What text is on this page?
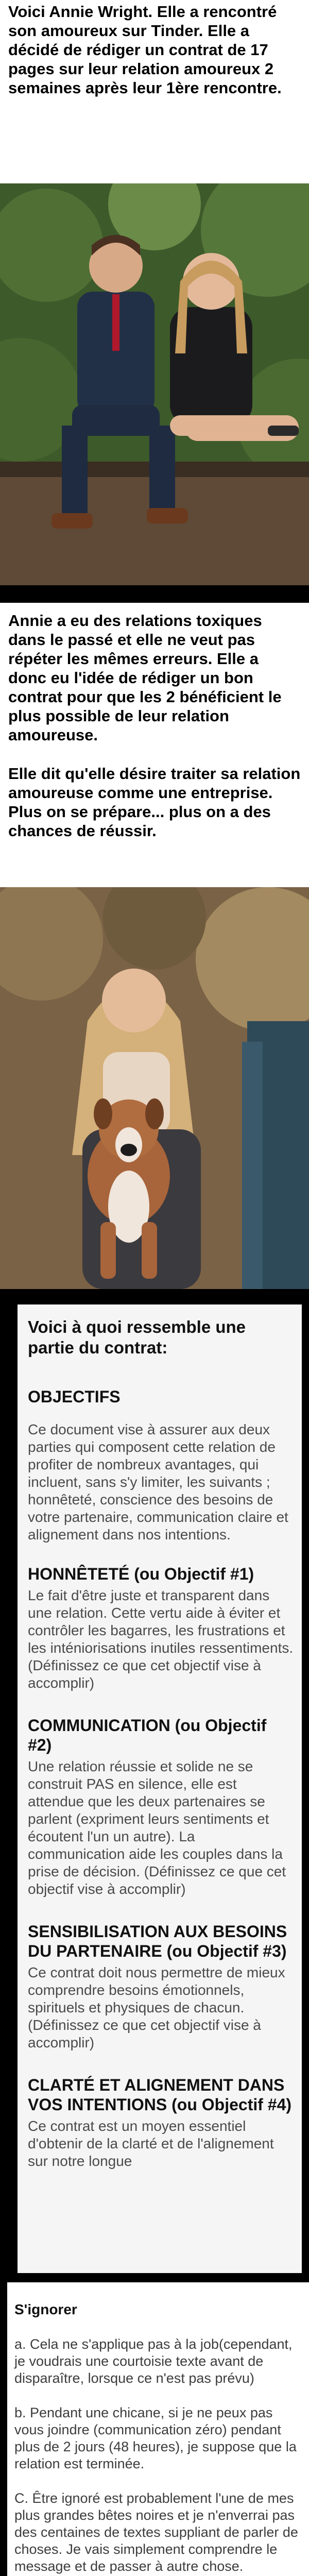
Voici Annie Wright. Elle a rencontré son amoureux sur Tinder. Elle a décidé de rédiger un contrat de 17 pages sur leur relation amoureux 2 semaines après leur 1ère rencontre.

Annie a eu des relations toxiques dans le passé et elle ne veut pas répéter les mêmes erreurs. Elle a donc eu l'idée de rédiger un bon contrat pour que les 2 bénéficient le plus possible de leur relation amoureuse.

Elle dit qu'elle désire traiter sa relation amoureuse comme une entreprise. Plus on se prépare... plus on a des chances de réussir.

Voici à quoi ressemble une partie du contrat:

OBJECTIFS

Ce document vise à assurer aux deux parties qui composent cette relation de profiter de nombreux avantages, qui incluent, sans s'y limiter, les suivants ; honnêteté, conscience des besoins de votre partenaire, communication claire et alignement dans nos intentions.

HONNÊTETÉ (ou Objectif #1)

Le fait d'être juste et transparent dans une relation. Cette vertu aide à éviter et contrôler les bagarres, les frustrations et les inténiorisations inutiles ressentiments. (Définissez ce que cet objectif vise à accomplir)

COMMUNICATION (ou Objectif #2)

Une relation réussie et solide ne se construit PAS en silence, elle est attendue que les deux partenaires se parlent (expriment leurs sentiments et écoutent l'un un autre). La communication aide les couples dans la prise de décision. (Définissez ce que cet objectif vise à accomplir)

SENSIBILISATION AUX BESOINS DU PARTENAIRE (ou Objectif #3)

Ce contrat doit nous permettre de mieux comprendre besoins émotionnels, spirituels et physiques de chacun. (Définissez ce que cet objectif vise à accomplir)

CLARTÉ ET ALIGNEMENT DANS VOS INTENTIONS (ou Objectif #4)

Ce contrat est un moyen essentiel d'obtenir de la clarté et de l'alignement sur notre longue

S'ignorer

a. Cela ne s'applique pas à la job(cependant, je voudrais une courtoisie texte avant de disparaître, lorsque ce n'est pas prévu)

b. Pendant une chicane, si je ne peux pas vous joindre (communication zéro) pendant plus de 2 jours (48 heures), je suppose que la relation est terminée.

C. Être ignoré est probablement l'une de mes plus grandes bêtes noires et je n'enverrai pas des centaines de textes suppliant de parler de choses. Je vais simplement comprendre le message et de passer à autre chose.
